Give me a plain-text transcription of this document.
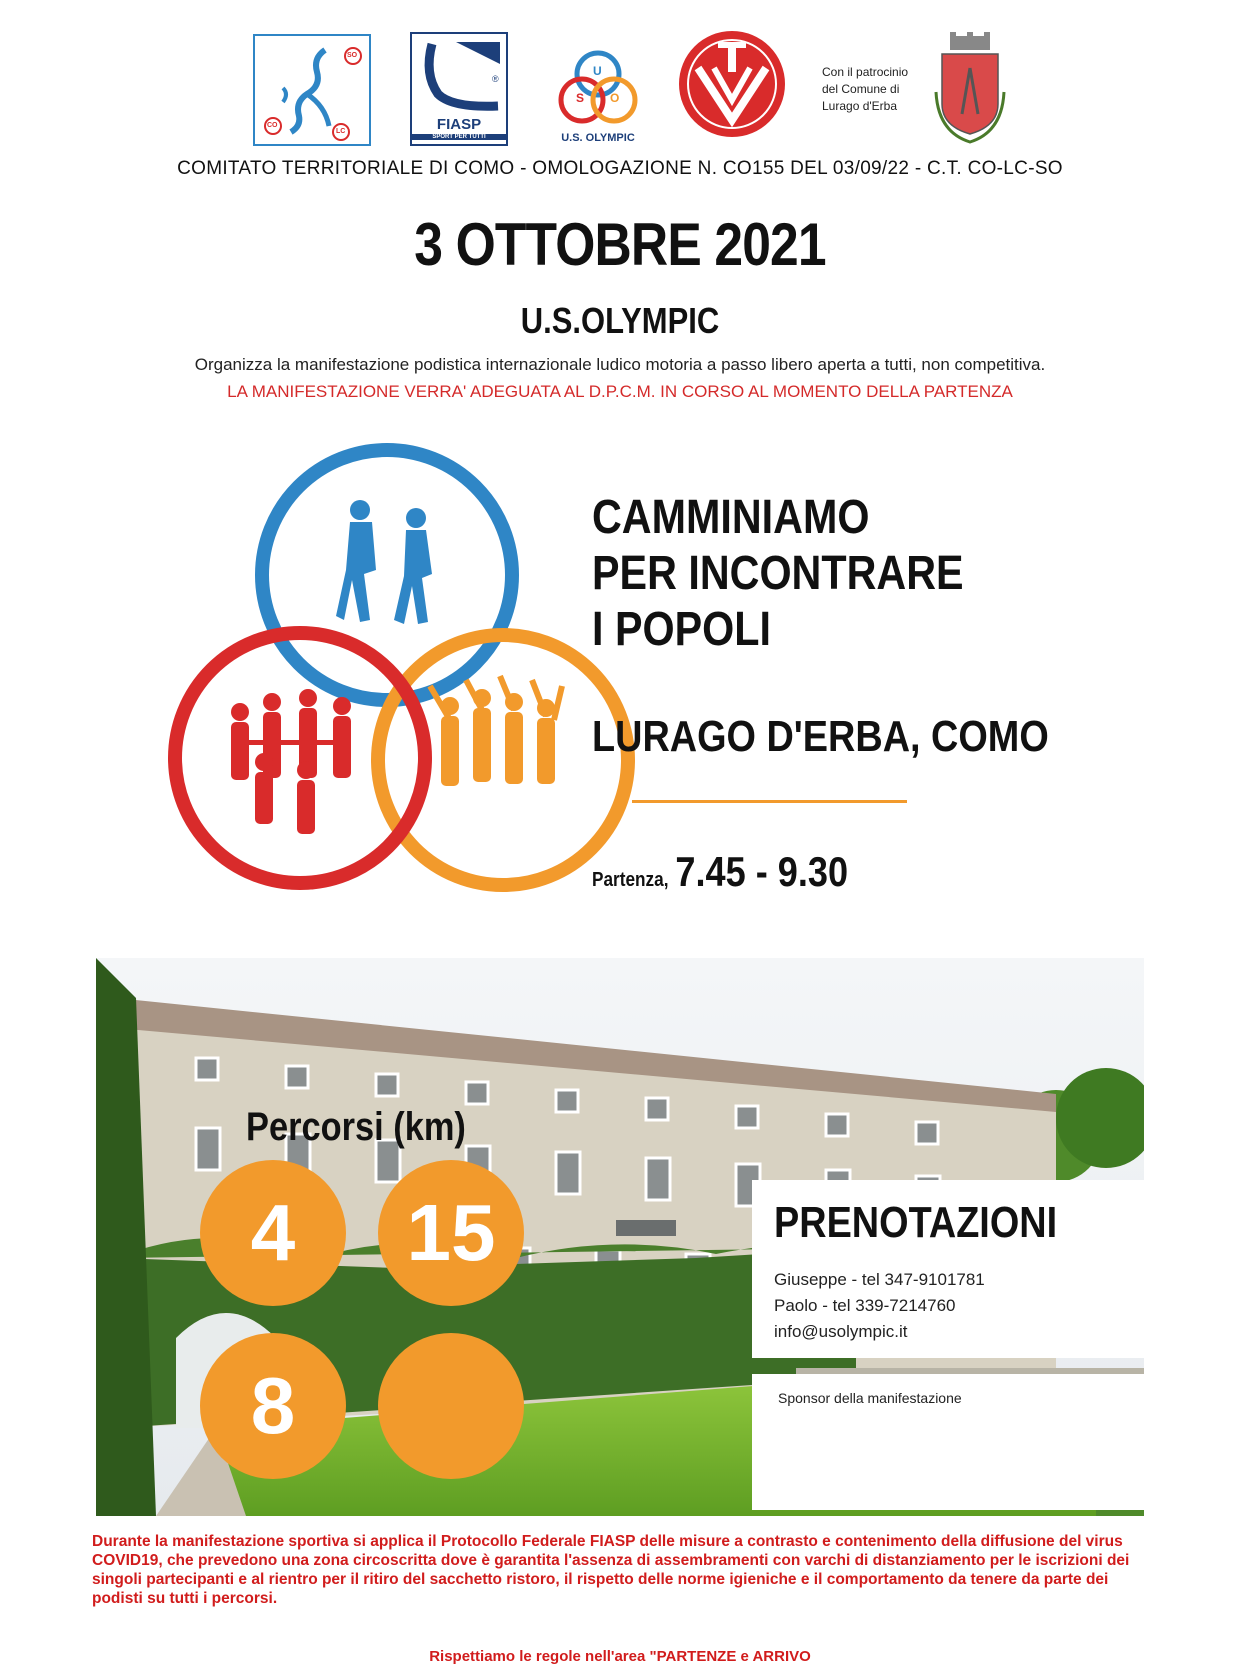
SO
CO
LC
®
FIASP
SPORT PER TUTTI
U
S O
U.S. OLYMPIC
Con il patrocinio
del Comune di
Lurago d'Erba
COMITATO TERRITORIALE DI COMO - OMOLOGAZIONE N. CO155 DEL 03/09/22 - C.T. CO-LC-SO
3 OTTOBRE 2021
U.S.OLYMPIC
Organizza la manifestazione podistica internazionale ludico motoria a passo libero aperta a tutti, non competitiva.
LA MANIFESTAZIONE VERRA' ADEGUATA AL D.P.C.M. IN CORSO AL MOMENTO DELLA PARTENZA
CAMMINIAMO
PER INCONTRARE
I POPOLI
LURAGO D'ERBA, COMO
Partenza, 7.45 - 9.30
Percorsi (km)
4	15
8
PRENOTAZIONI
Giuseppe - tel 347-9101781
Paolo - tel 339-7214760
info@usolympic.it
Sponsor della manifestazione
Durante la manifestazione sportiva si applica il Protocollo Federale FIASP delle misure a contrasto e contenimento della diffusione del virus COVID19, che prevedono una zona circoscritta dove è garantita l'assenza di assembramenti con varchi di distanziamento per le iscrizioni dei singoli partecipanti e al rientro per il ritiro del sacchetto ristoro, il rispetto delle norme igieniche e il comportamento da tenere da parte dei podisti su tutti i percorsi.
Rispettiamo le regole nell'area "PARTENZE e ARRIVO
